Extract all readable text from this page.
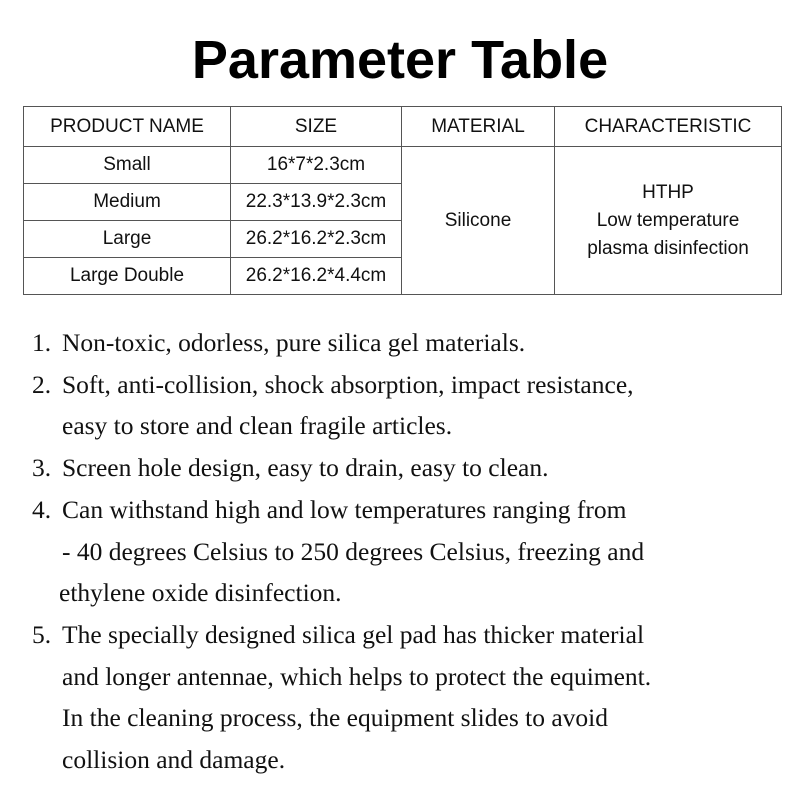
Parameter Table
PRODUCT NAME	SIZE	MATERIAL	CHARACTERISTIC
Small	16*7*2.3cm	Silicone	HTHP
Low temperature
plasma disinfection

Medium	22.3*13.9*2.3cm		
Large	26.2*16.2*2.3cm		
Large Double	26.2*16.2*4.4cm		
1. Non-toxic, odorless, pure silica gel materials.
2. Soft, anti-collision, shock absorption, impact resistance,
easy to store and clean fragile articles.
3. Screen hole design, easy to drain, easy to clean.
4. Can withstand high and low temperatures ranging from
- 40 degrees Celsius to 250 degrees Celsius, freezing and
ethylene oxide disinfection.
5. The specially designed silica gel pad has thicker material
and longer antennae, which helps to protect the equiment.
In the cleaning process, the equipment slides to avoid
collision and damage.
